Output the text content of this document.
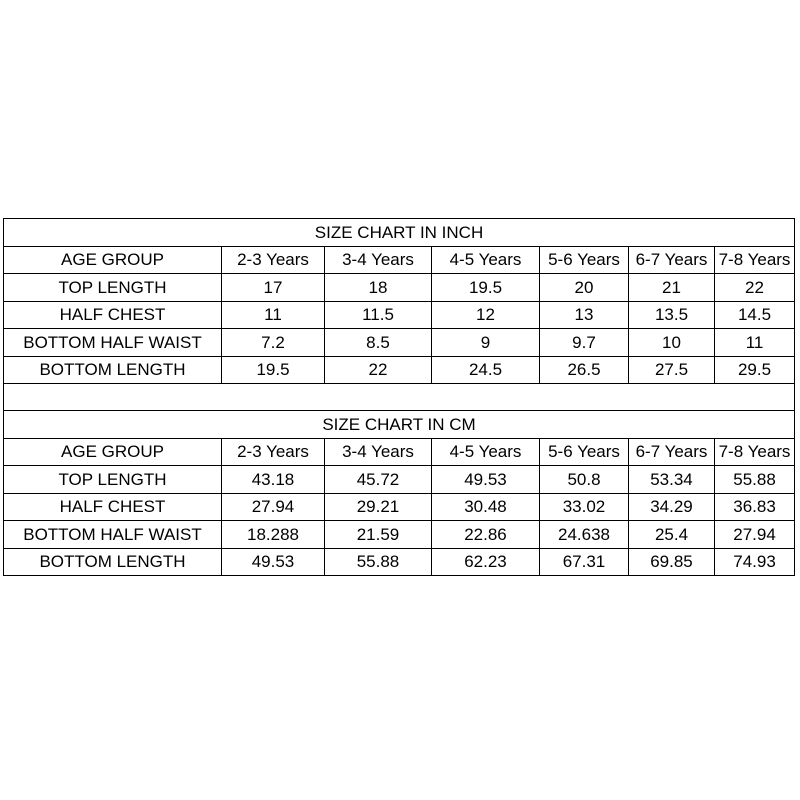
SIZE CHART IN INCH						
AGE GROUP	2-3 Years	3-4 Years	4-5 Years	5-6 Years	6-7 Years	7-8 Years
TOP LENGTH	17	18	19.5	20	21	22
HALF CHEST	11	11.5	12	13	13.5	14.5
BOTTOM HALF WAIST	7.2	8.5	9	9.7	10	11
BOTTOM LENGTH	19.5	22	24.5	26.5	27.5	29.5

SIZE CHART IN CM						
AGE GROUP	2-3 Years	3-4 Years	4-5 Years	5-6 Years	6-7 Years	7-8 Years
TOP LENGTH	43.18	45.72	49.53	50.8	53.34	55.88
HALF CHEST	27.94	29.21	30.48	33.02	34.29	36.83
BOTTOM HALF WAIST	18.288	21.59	22.86	24.638	25.4	27.94
BOTTOM LENGTH	49.53	55.88	62.23	67.31	69.85	74.93
